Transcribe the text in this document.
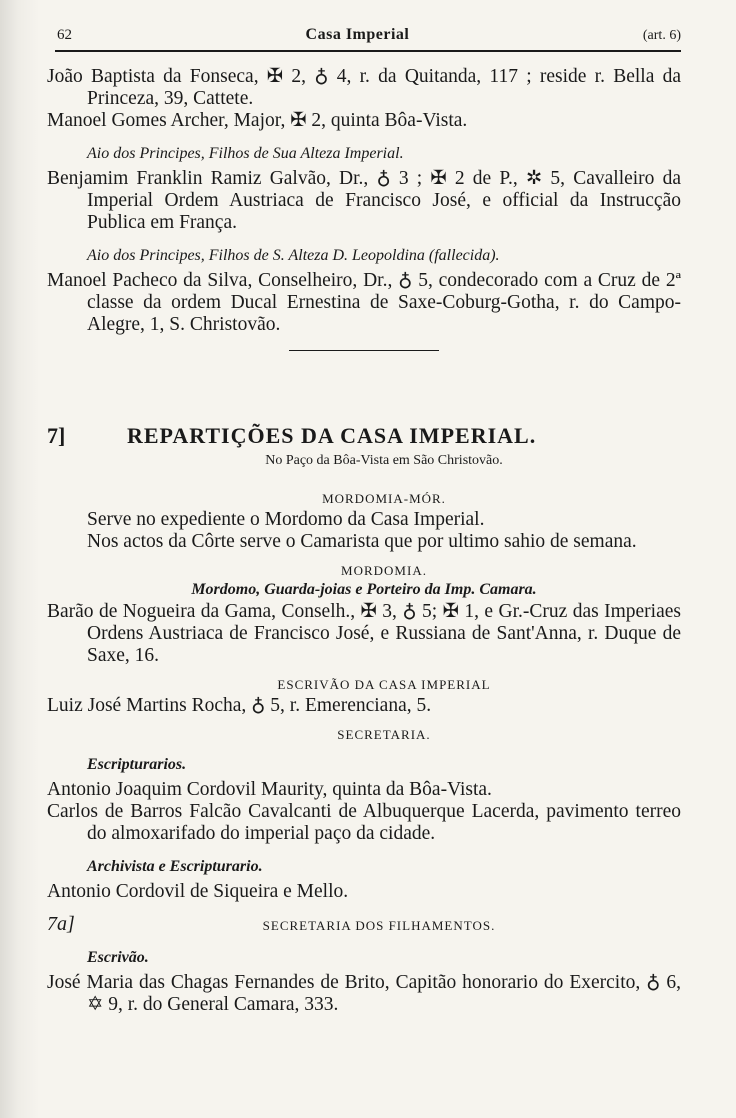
62	Casa Imperial	(art. 6)

João Baptista da Fonseca, ✠ 2, ♁ 4, r. da Quitanda, 117 ; reside r. Bella da Princeza, 39, Cattete.

Manoel Gomes Archer, Major, ✠ 2, quinta Bôa-Vista.

Aio dos Principes, Filhos de Sua Alteza Imperial.

Benjamim Franklin Ramiz Galvão, Dr., ♁ 3 ; ✠ 2 de P., ✲ 5, Cavalleiro da Imperial Ordem Austriaca de Francisco José, e official da Instrucção Publica em França.

Aio dos Principes, Filhos de S. Alteza D. Leopoldina (fallecida).

Manoel Pacheco da Silva, Conselheiro, Dr., ♁ 5, condecorado com a Cruz de 2ª classe da ordem Ducal Ernestina de Saxe-Coburg-Gotha, r. do Campo-Alegre, 1, S. Christovão.

7]	REPARTIÇÕES DA CASA IMPERIAL.
No Paço da Bôa-Vista em São Christovão.
MORDOMIA-MÓR.

Serve no expediente o Mordomo da Casa Imperial.

Nos actos da Côrte serve o Camarista que por ultimo sahio de semana.

MORDOMIA.

Mordomo, Guarda-joias e Porteiro da Imp. Camara.

Barão de Nogueira da Gama, Conselh., ✠ 3, ♁ 5; ✠ 1, e Gr.-Cruz das Imperiaes Ordens Austriaca de Francisco José, e Russiana de Sant'Anna, r. Duque de Saxe, 16.

ESCRIVÃO DA CASA IMPERIAL

Luiz José Martins Rocha, ♁ 5, r. Emerenciana, 5.

SECRETARIA.

Escripturarios.

Antonio Joaquim Cordovil Maurity, quinta da Bôa-Vista.

Carlos de Barros Falcão Cavalcanti de Albuquerque Lacerda, pavimento terreo do almoxarifado do imperial paço da cidade.

Archivista e Escripturario.

Antonio Cordovil de Siqueira e Mello.

7a]	SECRETARIA DOS FILHAMENTOS.

Escrivão.

José Maria das Chagas Fernandes de Brito, Capitão honorario do Exercito, ♁ 6, ✡ 9, r. do General Camara, 333.
